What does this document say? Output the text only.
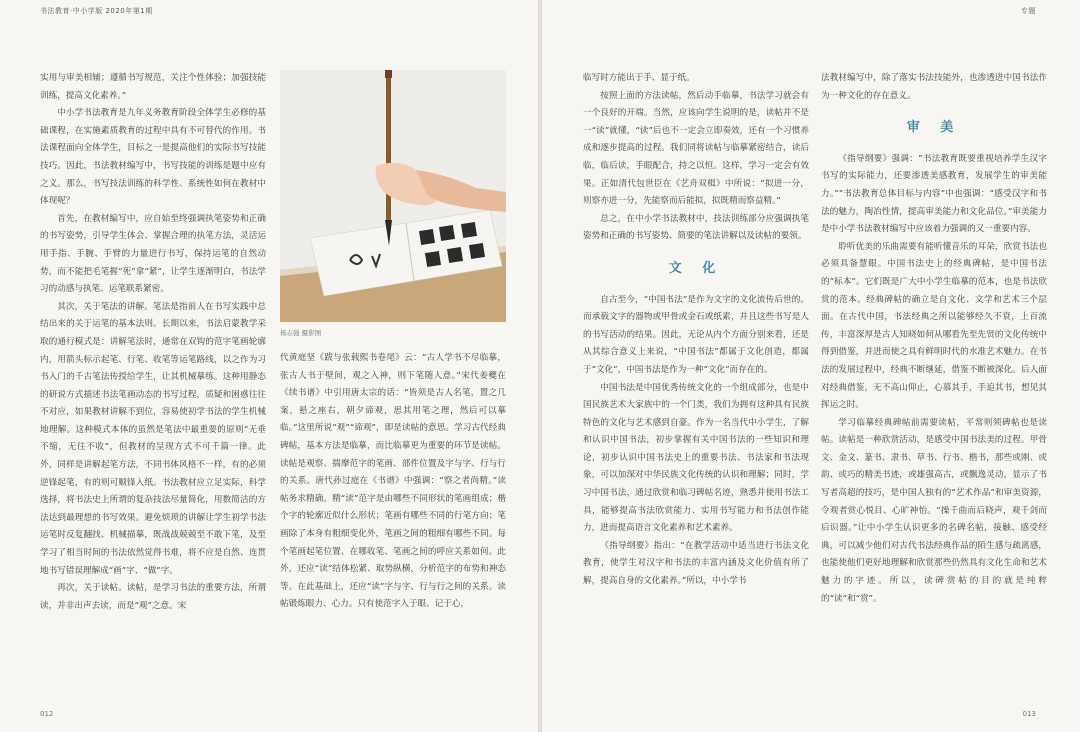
书法教育·中小学版 2020年第1期	专题

实用与审美相辅；遵循书写规范，关注个性体验；加强技能训练，提高文化素养。”

中小学书法教育是九年义务教育阶段全体学生必修的基础课程，在实施素质教育的过程中具有不可替代的作用。书法课程面向全体学生，目标之一是提高他们的实际书写技能技巧。因此，书法教材编写中，书写技能的训练是题中应有之义。那么，书写技法训练的科学性、系统性如何在教材中体现呢？

首先，在教材编写中，应自始至终强调执笔姿势和正确的书写姿势，引导学生体会、掌握合理的执笔方法，灵活运用手指、手腕、手臂的力量进行书写，保持运笔的自然动势，而不能把毛笔握“死”拿“紧”，让学生逐渐明白，书法学习的动感与执笔、运笔联系紧密。

其次，关于笔法的讲解。笔法是指前人在书写实践中总结出来的关于运笔的基本法则。长期以来，书法启蒙教学采取的通行模式是：讲解笔法时，通常在双钩的范字笔画轮廓内，用箭头标示起笔、行笔、收笔等运笔路线，以之作为习书入门的千古笔法传授给学生，让其机械摹练。这种用静态的研说方式描述书法笔画动态的书写过程，质疑和困惑往往不对应，如果教材讲解不到位，容易使初学书法的学生机械地理解。这种模式本体的虽然是笔法中最重要的原则“无垂不缩，无往不收”，但教材的呈现方式不可千篇一律。此外，同样是讲解起笔方法，不同书体风格不一样，有的必须逆锋起笔，有的则可顺锋入纸。书法教材应立足实际，科学选择，将书法史上所谓的复杂技法尽量简化，用数简洁的方法达到最理想的书写效果。避免烦琐的讲解让学生初学书法运笔时反复翻找、机械描摹，既战战兢兢至不敢下笔，及至学习了相当时间的书法依然觉得书难，将不应是自然、连贯地书写错误理解成“画”字、“做”字。

再次，关于读帖。读帖，是学习书法的重要方法，所谓读，并非出声去读，而是“观”之意。宋

杨志强 摄影图

代黄庭坚《跋与张载熙书卷尾》云：“古人学书不尽临摹，张古人书于壁间，观之入神，则下笔随人意。”宋代姜夔在《续书谱》中引用唐太宗的话：“皆须是古人名笔，置之几案，悬之座右，朝夕谛观，思其用笔之理，然后可以摹临。”这里所说“观”“谛观”，即是读帖的意思。学习古代经典碑帖，基本方法是临摹，而比临摹更为重要的环节是读帖。读帖是观察、揣摩范字的笔画、部件位置及字与字、行与行的关系。唐代孙过庭在《书谱》中强调：“察之者尚精。”读帖务求精确。精“读”范字是由哪些不同形状的笔画组成；楷个字的轮廓近似什么形状；笔画有哪些不同的行笔方向；笔画除了本身有粗细变化外，笔画之间的粗细有哪些不同。每个笔画起笔位置、在哪收笔、笔画之间的呼应关系如何。此外，还应“读”结体松紧、取势纵横，分析范字的布势和神态等。在此基础上，还应“读”字与字、行与行之间的关系。读帖锻炼眼力、心力。只有使范字入于眼、记于心，

临写时方能出于手、显于纸。

按照上面的方法读帖，然后动手临摹，书法学习就会有一个良好的开端。当然，应该向学生说明的是，读帖并不是一“读”就懂，“读”后也不一定会立即奏效，还有一个习惯养成和逐步提高的过程。我们同将读帖与临摹紧密结合，读后临，临后读，手眼配合，持之以恒。这样，学习一定会有效果。正如清代包世臣在《艺舟双楫》中所说：“拟进一分，则察亦进一分，先能察而后能拟，拟既精而察益精。”

总之，在中小学书法教材中，技法训练部分应强调执笔姿势和正确的书写姿势、简要的笔法讲解以及读帖的要领。

文 化

自古至今，“中国书法”是作为文字的文化流传后世的。而承载文字的器物或甲骨或金石或纸素，并且这些书写是人的书写活动的结果。因此，无论从内个方面分别来看，还是从其综合意义上来说，“中国书法”都属于文化创造，都属于“文化”，中国书法是作为一种“文化”而存在的。

中国书法是中国优秀传统文化的一个组成部分，也是中国民族艺术大家族中的一个门类，我们为拥有这种具有民族特色的文化与艺术感到自豪。作为一名当代中小学生，了解和认识中国书法，初步掌握有关中国书法的一些知识和理论，初步认识中国书法史上的重要书法、书法家和书法现象，可以加深对中华民族文化传统的认识和理解；同时，学习中国书法，通过欣赏和临习碑帖名迹，熟悉并使用书法工具，能够提高书法欣赏能力、实用书写能力和书法创作能力，进而提高语言文化素养和艺术素养。

《指导纲要》指出：“在教学活动中适当进行书法文化教育，使学生对汉字和书法的丰富内涵及文化价值有所了解，提高自身的文化素养。”所以，中小学书

法教材编写中，除了落实书法技能外，也渗透进中国书法作为一种文化的存在意义。

审 美

《指导纲要》强调：“书法教育既要重视培养学生汉字书写的实际能力，还要渗透美感教育，发展学生的审美能力。”“书法教育总体目标与内容”中也强调：“感受汉字和书法的魅力，陶冶性情，提高审美能力和文化品位。”审美能力是中小学书法教材编写中应该着力强调的又一重要内容。

聆听优美的乐曲需要有能听懂音乐的耳朵，欣赏书法也必须具备慧眼。中国书法史上的经典碑帖，是中国书法的“标本”。它们既是广大中小学生临摹的范本，也是书法欣赏的范本。经典碑帖的确立是自文化、文学和艺术三个层面。在古代中国，书法经典之所以能够经久不衰，上百流传，丰富深厚是古人知晓如何从哪看先至先贤的文化传统中得到借鉴，并进而使之具有鲜明时代的水准艺术魅力。在书法的发展过程中，经典不断继延，借鉴不断被深化。后人面对经典借鉴，无不高山仰止，心慕其手，手追其书，想见其挥运之时。

学习临摹经典碑帖前需要读帖，平常则须碑帖也是读帖。读帖是一种欣赏活动，是感受中国书法美的过程。甲骨文、金文、篆书、隶书、草书、行书、楷书，那些或刚、或韵、或巧的精美书迹，或雄强高古，或飘逸灵动，显示了书写者高超的技巧，是中国人独有的“艺术作品”和审美资源，令观者赏心悦目、心旷神怡。“操千曲而后晓声，观千剑而后识器。”让中小学生认识更多的名碑名帖，接触、感受经典，可以减少他们对古代书法经典作品的陌生感与疏离感，也能使他们更好地理解和欣赏那些仍然具有文化生命和艺术魅力的字迹。所以，读碑赏帖的目的就是纯粹的“读”和“赏”。

012	013
